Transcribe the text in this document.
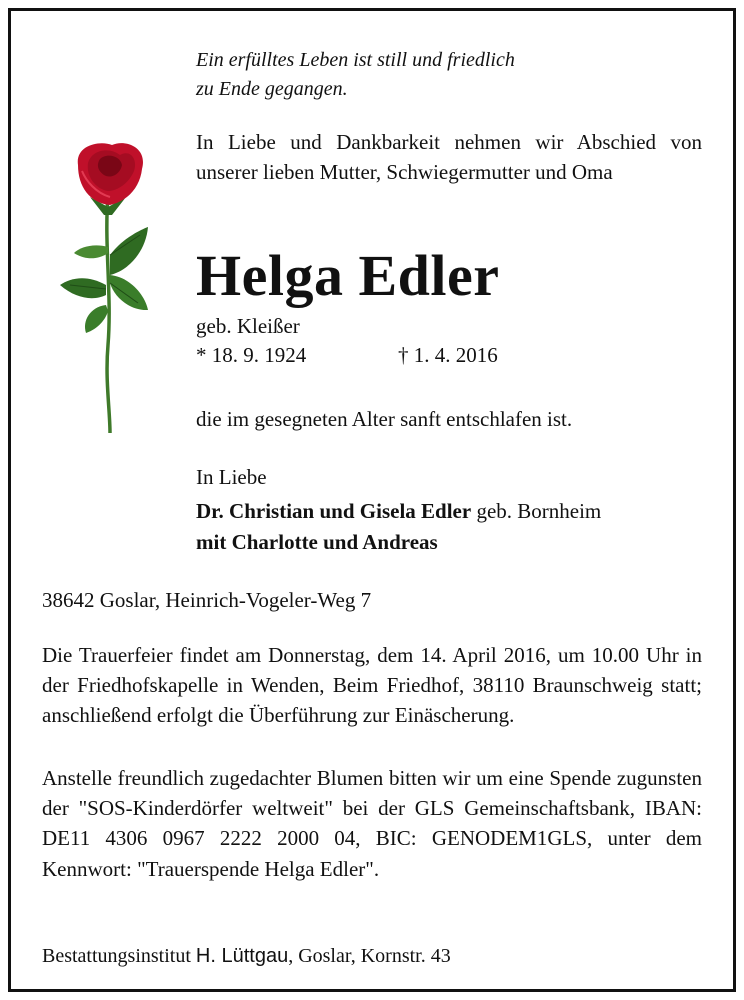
Ein erfülltes Leben ist still und friedlich
zu Ende gegangen.

In Liebe und Dankbarkeit nehmen wir Abschied von unserer lieben Mutter, Schwiegermutter und Oma

Helga Edler
geb. Kleißer
* 18. 9. 1924	† 1. 4. 2016
die im gesegneten Alter sanft entschlafen ist.
In Liebe
Dr. Christian und Gisela Edler geb. Bornheim
mit Charlotte und Andreas
38642 Goslar, Heinrich-Vogeler-Weg 7

Die Trauerfeier findet am Donnerstag, dem 14. April 2016, um 10.00 Uhr in der Friedhofskapelle in Wenden, Beim Friedhof, 38110 Braunschweig statt; anschließend erfolgt die Überführung zur Einäscherung.

Anstelle freundlich zugedachter Blumen bitten wir um eine Spende zugunsten der "SOS-Kinderdörfer weltweit" bei der GLS Gemeinschaftsbank, IBAN: DE11 4306 0967 2222 2000 04, BIC: GENODEM1GLS, unter dem Kennwort: "Trauerspende Helga Edler".

Bestattungsinstitut H. Lüttgau, Goslar, Kornstr. 43
